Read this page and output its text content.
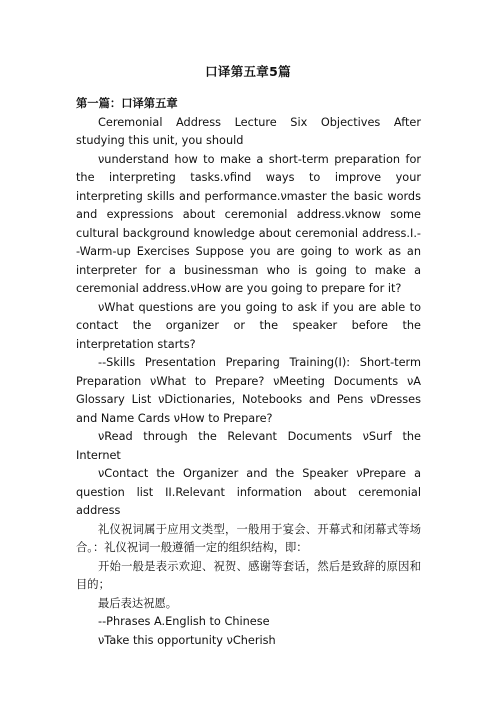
口译第五章5篇

第一篇：口译第五章

Ceremonial Address Lecture Six Objectives After studying this unit, you should

νunderstand how to make a short-term preparation for the interpreting tasks.νfind ways to improve your interpreting skills and performance.νmaster the basic words and expressions about ceremonial address.νknow some cultural background knowledge about ceremonial address.I.--Warm-up Exercises Suppose you are going to work as an interpreter for a businessman who is going to make a ceremonial address.νHow are you going to prepare for it?

νWhat questions are you going to ask if you are able to contact the organizer or the speaker before the interpretation starts?

--Skills Presentation Preparing Training(I): Short-term Preparation νWhat to Prepare? νMeeting Documents νA Glossary List νDictionaries, Notebooks and Pens νDresses and Name Cards νHow to Prepare?

νRead through the Relevant Documents νSurf the Internet

νContact the Organizer and the Speaker νPrepare a question list II.Relevant information about ceremonial address

礼仪祝词属于应用文类型，一般用于宴会、开幕式和闭幕式等场合。：礼仪祝词一般遵循一定的组织结构，即：

开始一般是表示欢迎、祝贺、感谢等套话，然后是致辞的原因和目的；

最后表达祝愿。

--Phrases A.English to Chinese

νTake this opportunity νCherish
